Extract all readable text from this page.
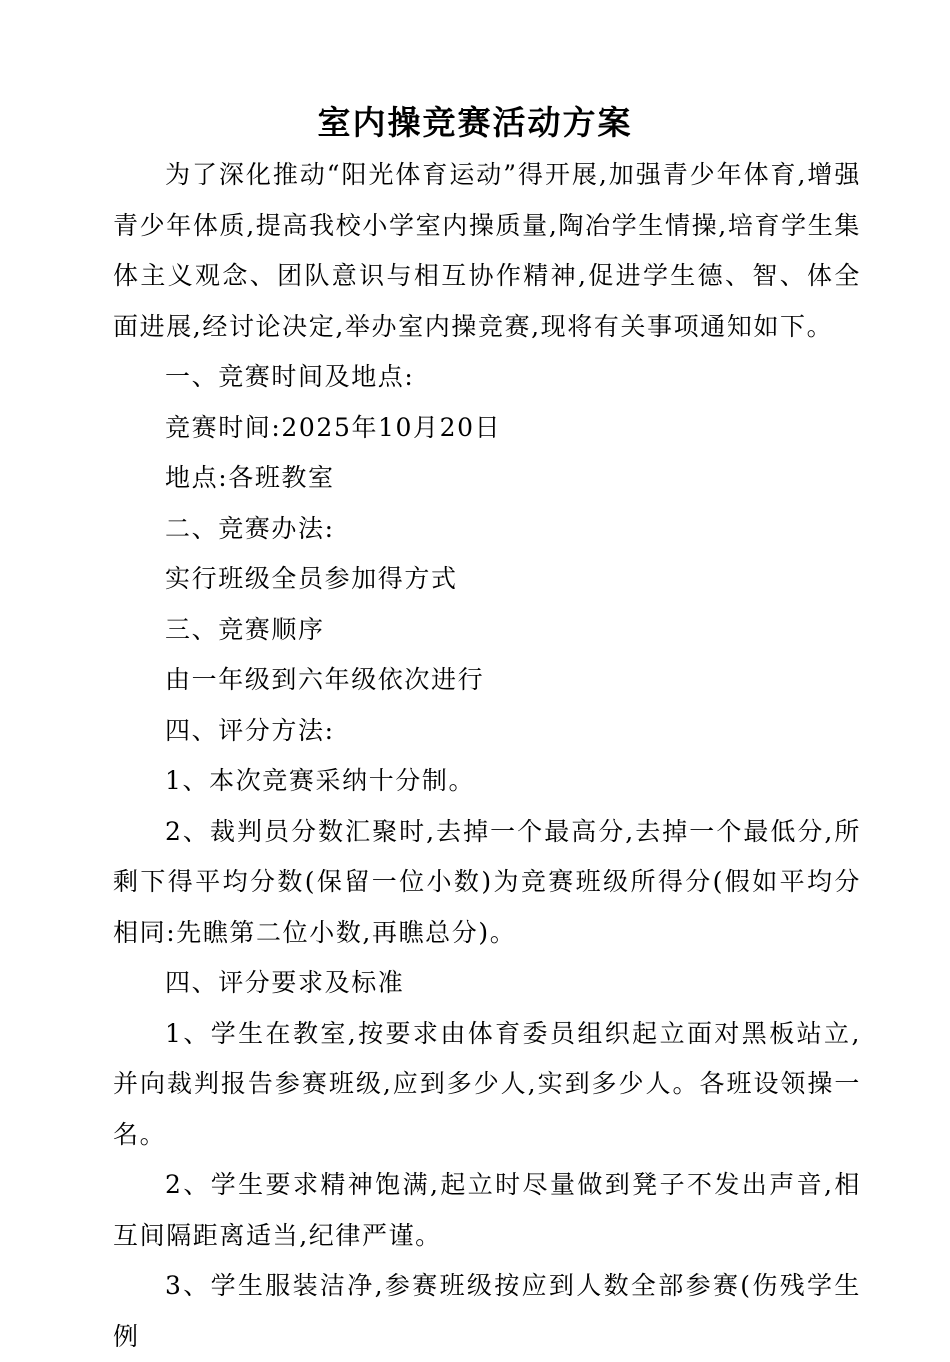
室内操竞赛活动方案

为了深化推动“阳光体育运动”得开展,加强青少年体育,增强青少年体质,提高我校小学室内操质量,陶冶学生情操,培育学生集体主义观念、团队意识与相互协作精神,促进学生德、智、体全面进展,经讨论决定,举办室内操竞赛,现将有关事项通知如下。

一、竞赛时间及地点:

竞赛时间:2025年10月20日

地点:各班教室

二、竞赛办法:

实行班级全员参加得方式

三、竞赛顺序

由一年级到六年级依次进行

四、评分方法:

1、本次竞赛采纳十分制。

2、裁判员分数汇聚时,去掉一个最高分,去掉一个最低分,所剩下得平均分数(保留一位小数)为竞赛班级所得分(假如平均分相同:先瞧第二位小数,再瞧总分)。

四、评分要求及标准

1、学生在教室,按要求由体育委员组织起立面对黑板站立,并向裁判报告参赛班级,应到多少人,实到多少人。各班设领操一名。

2、学生要求精神饱满,起立时尽量做到凳子不发出声音,相互间隔距离适当,纪律严谨。

3、学生服装洁净,参赛班级按应到人数全部参赛(伤残学生例
